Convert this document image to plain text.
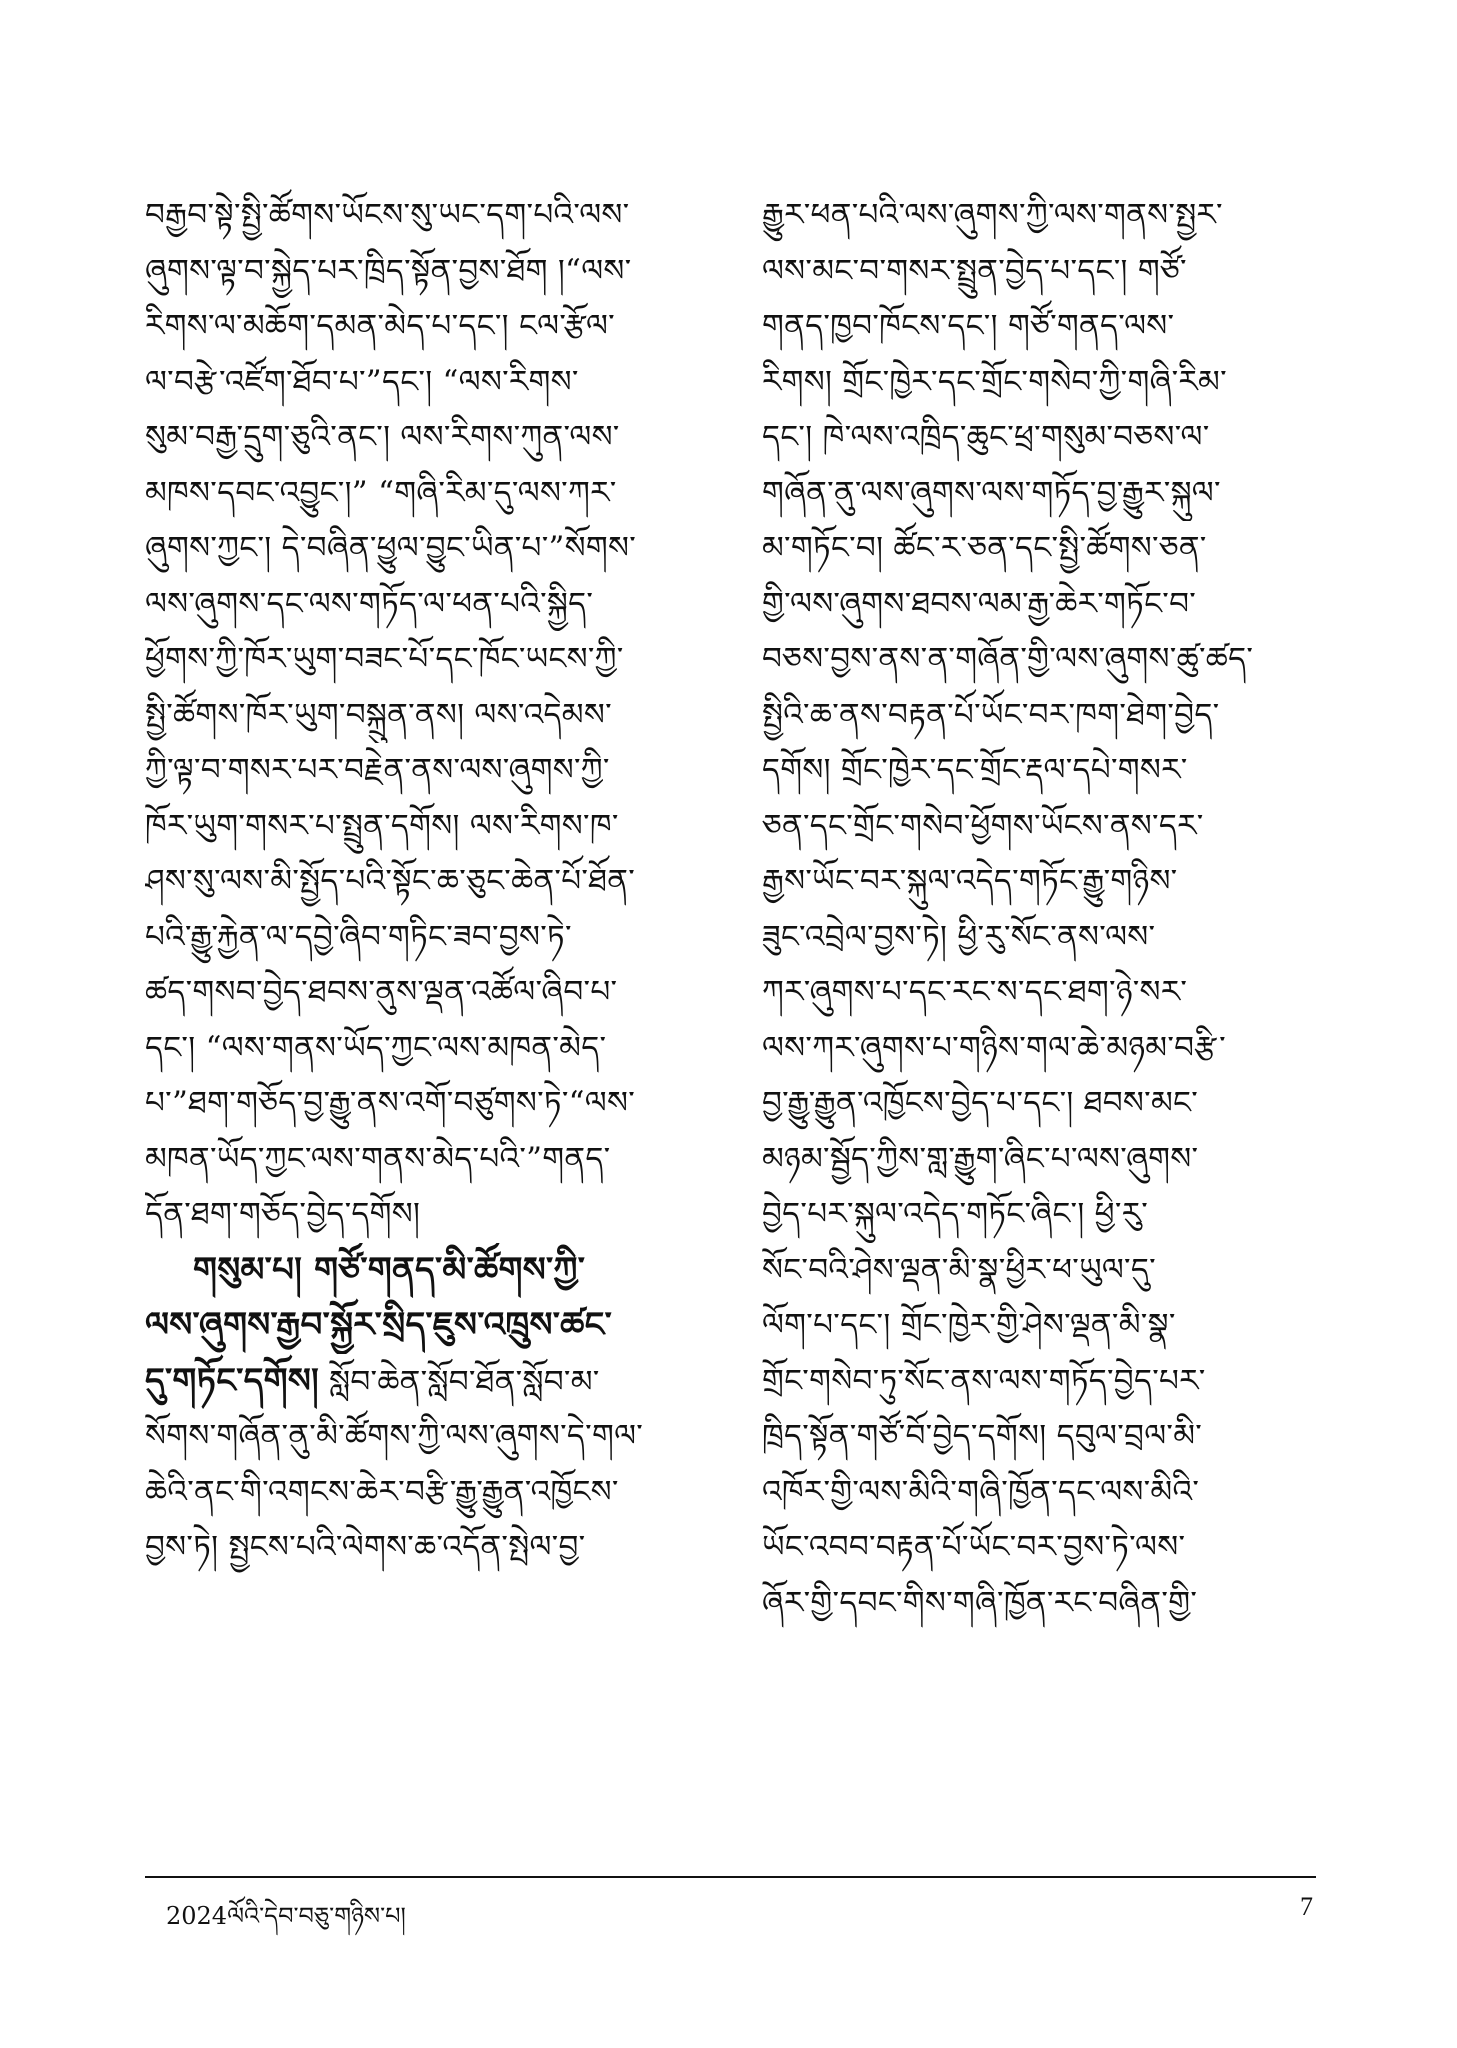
བརྒྱབ་སྟེ་སྤྱི་ཚོགས་ཡོངས་སུ་ཡང་དག་པའི་ལས་
ཞུགས་ལྟ་བ་སྐྱེད་པར་ཁྲིད་སྟོན་བྱས་ཐོག །“ལས་
རིགས་ལ་མཆོག་དམན་མེད་པ་དང་། ངལ་རྩོལ་
ལ་བརྩེ་འཛོག་ཐོབ་པ་”དང་། “ལས་རིགས་
སུམ་བརྒྱ་དྲུག་ཅུའི་ནང་། ལས་རིགས་ཀུན་ལས་
མཁས་དབང་འབྱུང་།” “གཞི་རིམ་དུ་ལས་ཀར་
ཞུགས་ཀྱང་། དེ་བཞིན་ཕྱུལ་བྱུང་ཡིན་པ་”སོགས་
ལས་ཞུགས་དང་ལས་གཏོད་ལ་ཕན་པའི་སྐྱིད་
ཕྱོགས་ཀྱི་ཁོར་ཡུག་བཟང་པོ་དང་ཁོང་ཡངས་ཀྱི་
སྤྱི་ཚོགས་ཁོར་ཡུག་བསྐྲུན་ནས། ལས་འདེམས་
ཀྱི་ལྟ་བ་གསར་པར་བརྗེན་ནས་ལས་ཞུགས་ཀྱི་
ཁོར་ཡུག་གསར་པ་སྤྲུན་དགོས། ལས་རིགས་ཁ་
ཤས་སུ་ལས་མི་སྤྱོད་པའི་སྟོང་ཆ་ཅུང་ཆེན་པོ་ཐོན་
པའི་རྒྱུ་རྐྱེན་ལ་དབྱེ་ཞིབ་གཏིང་ཟབ་བྱས་ཏེ་
ཚད་གསབ་བྱེད་ཐབས་ནུས་ལྡན་འཚོལ་ཞིབ་པ་
དང་། “ལས་གནས་ཡོད་ཀྱང་ལས་མཁན་མེད་
པ་”ཐག་གཅོད་བྱ་རྒྱུ་ནས་འགོ་བཙུགས་ཏེ་“ལས་
མཁན་ཡོད་ཀྱང་ལས་གནས་མེད་པའི་”གནད་
དོན་ཐག་གཅོད་བྱེད་དགོས།
གསུམ་པ། གཙོ་གནད་མི་ཚོགས་ཀྱི་
ལས་ཞུགས་རྒྱབ་སྐྱོར་སྲིད་ཇུས་འཁྲུས་ཚང་
དུ་གཏོང་དགོས། སློབ་ཆེན་སློབ་ཐོན་སློབ་མ་
སོགས་གཞོན་ནུ་མི་ཚོགས་ཀྱི་ལས་ཞུགས་དེ་གལ་
ཆེའི་ནང་གི་འགངས་ཆེར་བརྩི་རྒྱུ་རྒྱུན་འཁྱོངས་
བྱས་ཏེ། སྤྱངས་པའི་ལེགས་ཆ་འདོན་སྤེལ་བྱ་
རྒྱུར་ཕན་པའི་ལས་ཞུགས་ཀྱི་ལས་གནས་སྤྱར་
ལས་མང་བ་གསར་སྤྲུན་བྱེད་པ་དང་། གཙོ་
གནད་ཁྱབ་ཁོངས་དང་། གཙོ་གནད་ལས་
རིགས། གྲོང་ཁྱེར་དང་གྲོང་གསེབ་ཀྱི་གཞི་རིམ་
དང་། ཁེ་ལས་འཁྲིད་ཆུང་ཕྲ་གསུམ་བཅས་ལ་
གཞོན་ནུ་ལས་ཞུགས་ལས་གཏོད་བྱ་རྒྱུར་སྐུལ་
མ་གཏོང་བ། ཚོང་ར་ཅན་དང་སྤྱི་ཚོགས་ཅན་
གྱི་ལས་ཞུགས་ཐབས་ལམ་རྒྱ་ཆེར་གཏོང་བ་
བཅས་བྱས་ནས་ན་གཞོན་གྱི་ལས་ཞུགས་ཚུ་ཚད་
སྤྱིའི་ཆ་ནས་བརྟན་པོ་ཡོང་བར་ཁག་ཐེག་བྱེད་
དགོས། གྲོང་ཁྱེར་དང་གྲོང་རྡལ་དཔེ་གསར་
ཅན་དང་གྲོང་གསེབ་ཕྱོགས་ཡོངས་ནས་དར་
རྒྱས་ཡོང་བར་སྐུལ་འདེད་གཏོང་རྒྱུ་གཉིས་
ཟུང་འབྲེལ་བྱས་ཏེ། ཕྱི་རུ་སོང་ནས་ལས་
ཀར་ཞུགས་པ་དང་རང་ས་དང་ཐག་ཉེ་སར་
ལས་ཀར་ཞུགས་པ་གཉིས་གལ་ཆེ་མཉམ་བརྩི་
བྱ་རྒྱུ་རྒྱུན་འཁྱོངས་བྱེད་པ་དང་། ཐབས་མང་
མཉམ་སྦྱོད་ཀྱིས་གླ་རྒྱུག་ཞིང་པ་ལས་ཞུགས་
བྱེད་པར་སྐུལ་འདེད་གཏོང་ཞིང་། ཕྱི་རུ་
སོང་བའི་ཤེས་ལྡན་མི་སྣ་ཕྱིར་ཕ་ཡུལ་དུ་
ལོག་པ་དང་། གྲོང་ཁྱེར་གྱི་ཤེས་ལྡན་མི་སྣ་
གྲོང་གསེབ་ཏུ་སོང་ནས་ལས་གཏོད་བྱེད་པར་
ཁྲིད་སྟོན་གཙོ་བོ་བྱེད་དགོས། དབུལ་བྲལ་མི་
འཁོར་གྱི་ལས་མིའི་གཞི་ཁྱོན་དང་ལས་མིའི་
ཡོང་འབབ་བརྟན་པོ་ཡོང་བར་བྱས་ཏེ་ལས་
ཞོར་གྱི་དབང་གིས་གཞི་ཁྱོན་རང་བཞིན་གྱི་
2024ལོའི་དེབ་བཅུ་གཉིས་པ།	7
